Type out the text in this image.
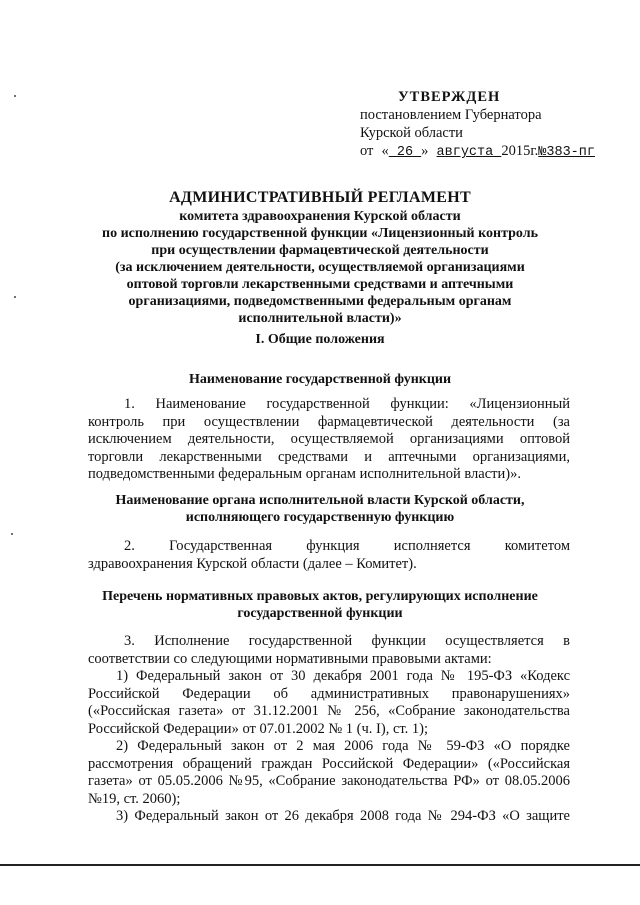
УТВЕРЖДЕН
постановлением Губернатора
Курской области
от « 26 » августа 2015г.№383-пг
АДМИНИСТРАТИВНЫЙ РЕГЛАМЕНТ
комитета здравоохранения Курской области
по исполнению государственной функции «Лицензионный контроль
при осуществлении фармацевтической деятельности
(за исключением деятельности, осуществляемой организациями
оптовой торговли лекарственными средствами и аптечными
организациями, подведомственными федеральным органам
исполнительной власти)»
I. Общие положения
Наименование государственной функции
1. Наименование государственной функции: «Лицензионный
контроль при осуществлении фармацевтической деятельности (за
исключением деятельности, осуществляемой организациями оптовой
торговли лекарственными средствами и аптечными организациями,
подведомственными федеральным органам исполнительной власти)».
Наименование органа исполнительной власти Курской области,
исполняющего государственную функцию
2. Государственная функция исполняется комитетом
здравоохранения Курской области (далее – Комитет).
Перечень нормативных правовых актов, регулирующих исполнение
государственной функции
3. Исполнение государственной функции осуществляется в
соответствии со следующими нормативными правовыми актами:
1) Федеральный закон от 30 декабря 2001 года № 195-ФЗ «Кодекс
Российской Федерации об административных правонарушениях»
(«Российская газета» от 31.12.2001 № 256, «Собрание законодательства
Российской Федерации» от 07.01.2002 № 1 (ч. I), ст. 1);
2) Федеральный закон от 2 мая 2006 года № 59-ФЗ «О порядке
рассмотрения обращений граждан Российской Федерации» («Российская
газета» от 05.05.2006 №95, «Собрание законодательства РФ» от 08.05.2006
№19, ст. 2060);
3) Федеральный закон от 26 декабря 2008 года № 294-ФЗ «О защите
